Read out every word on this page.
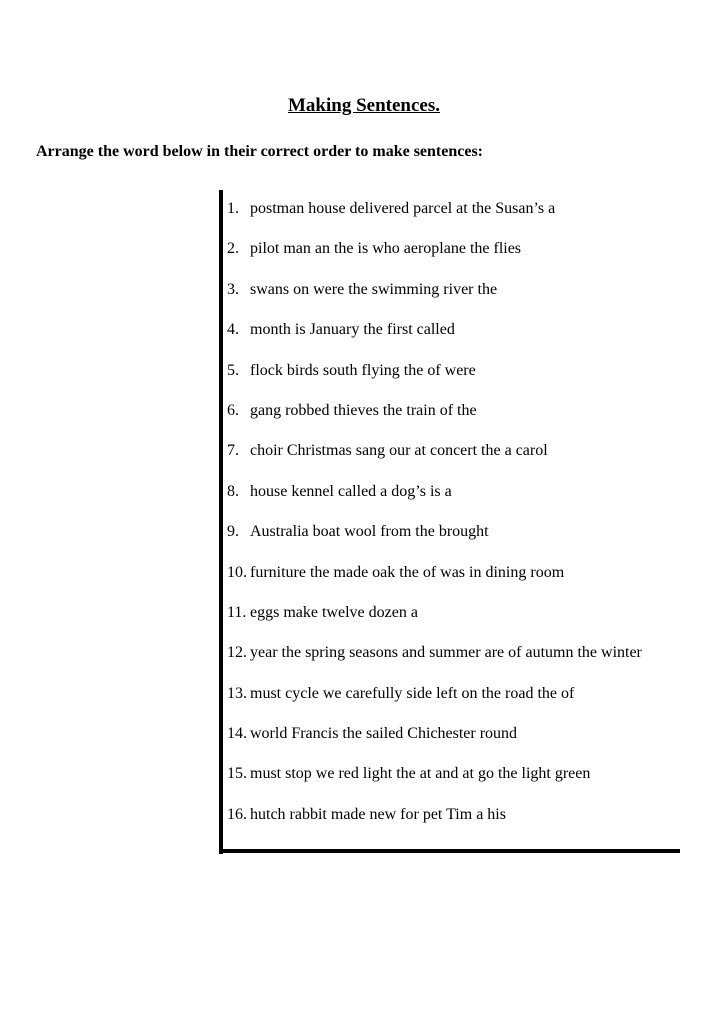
Making Sentences.
Arrange the word below in their correct order to make sentences:
1. postman house delivered parcel at the Susan’s a
2. pilot man an the is who aeroplane the flies
3. swans on were the swimming river the
4. month is January the first called
5. flock birds south flying the of were
6. gang robbed thieves the train of the
7. choir Christmas sang our at concert the a carol
8. house kennel called a dog’s is a
9. Australia boat wool from the brought
10. furniture the made oak the of was in dining room
11. eggs make twelve dozen a
12. year the spring seasons and summer are of autumn the winter
13. must cycle we carefully side left on the road the of
14. world Francis the sailed Chichester round
15. must stop we red light the at and at go the light green
16. hutch rabbit made new for pet Tim a his
